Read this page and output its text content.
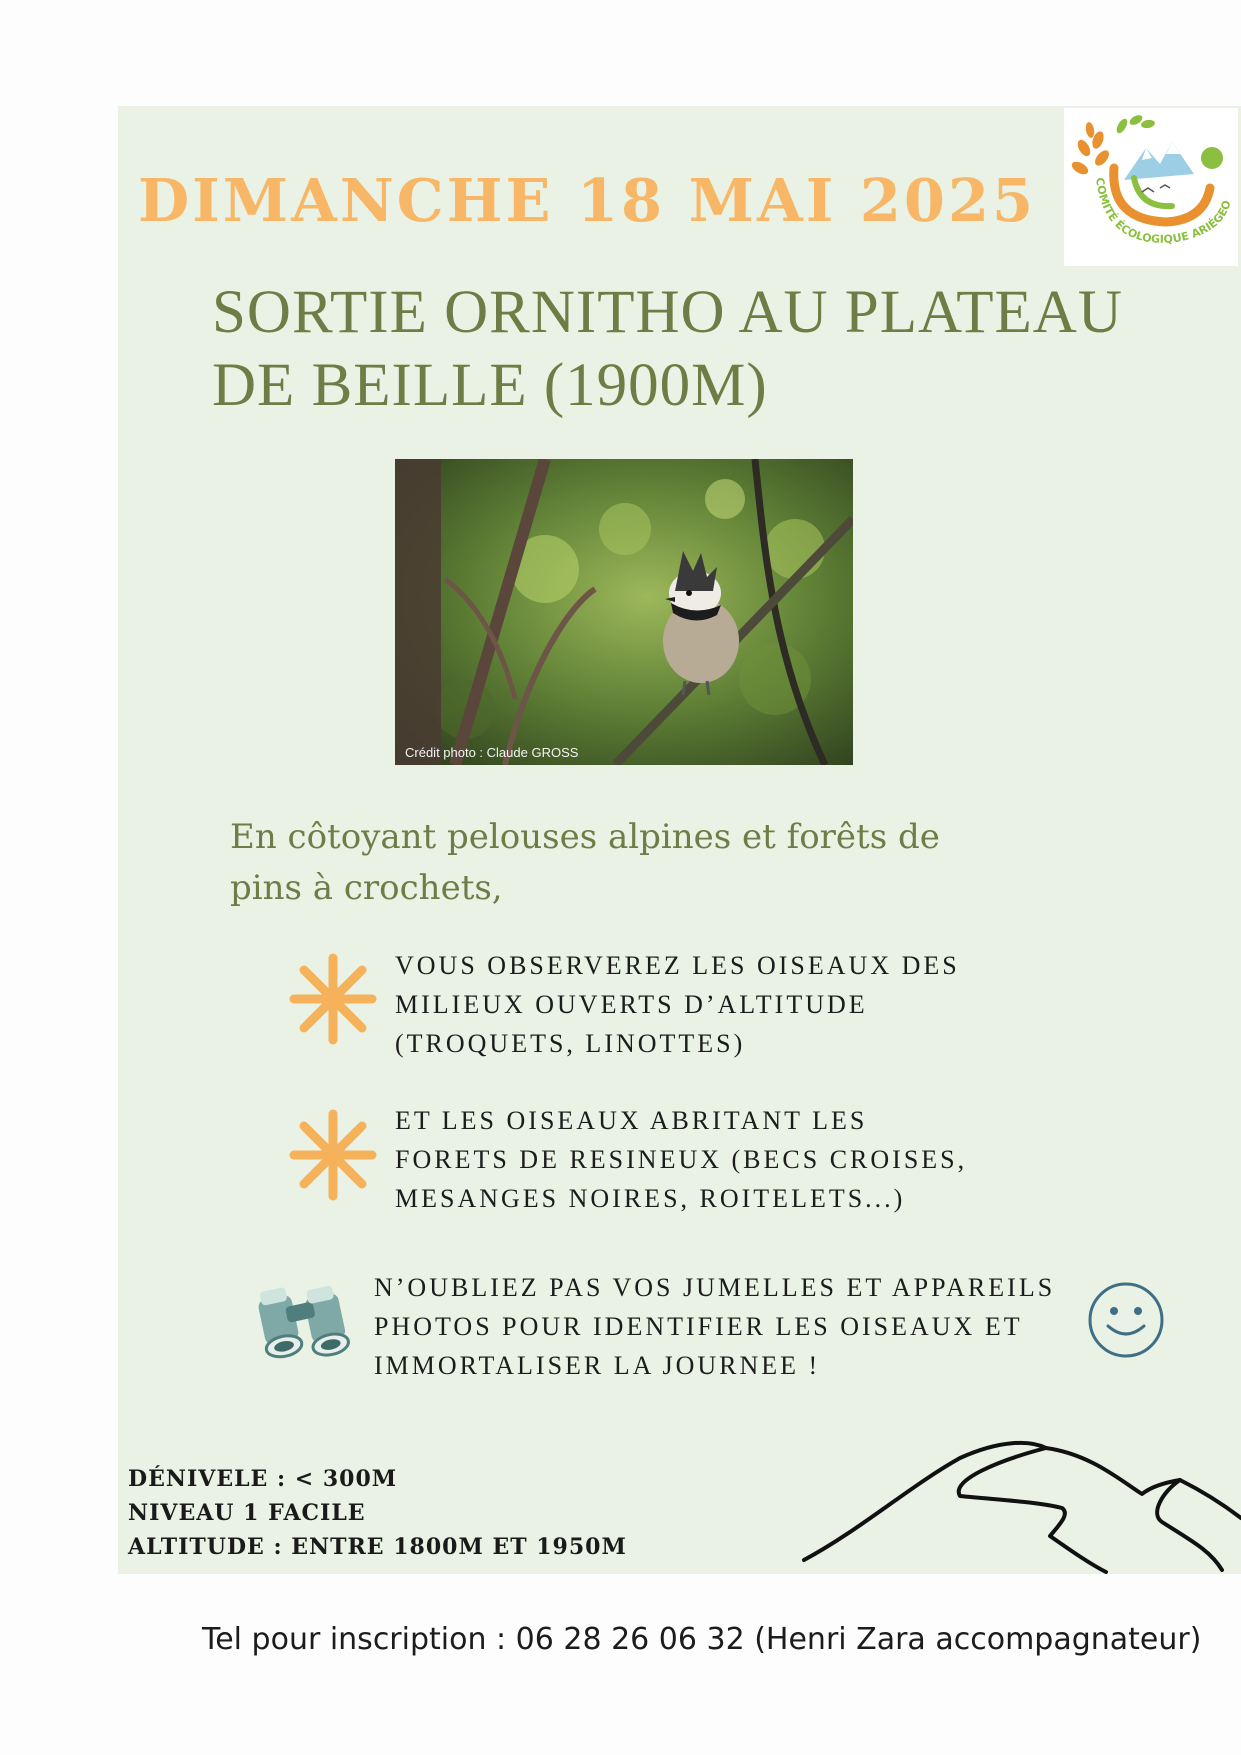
COMITÉ ÉCOLOGIQUE ARIÉGEO
DIMANCHE 18 MAI 2025
SORTIE ORNITHO AU PLATEAU
DE BEILLE (1900M)
Crédit photo : Claude GROSS
En côtoyant pelouses alpines et forêts de
pins à crochets,
VOUS OBSERVEREZ LES OISEAUX DES
MILIEUX OUVERTS D’ALTITUDE
(TROQUETS, LINOTTES)
ET LES OISEAUX ABRITANT LES
FORETS DE RESINEUX (BECS CROISES,
MESANGES NOIRES, ROITELETS...)
N’OUBLIEZ PAS VOS JUMELLES ET APPAREILS
PHOTOS POUR IDENTIFIER LES OISEAUX ET
IMMORTALISER LA JOURNEE !
DÉNIVELE : < 300M
NIVEAU 1 FACILE
ALTITUDE : ENTRE 1800M ET 1950M
Tel pour inscription : 06 28 26 06 32 (Henri Zara accompagnateur)
